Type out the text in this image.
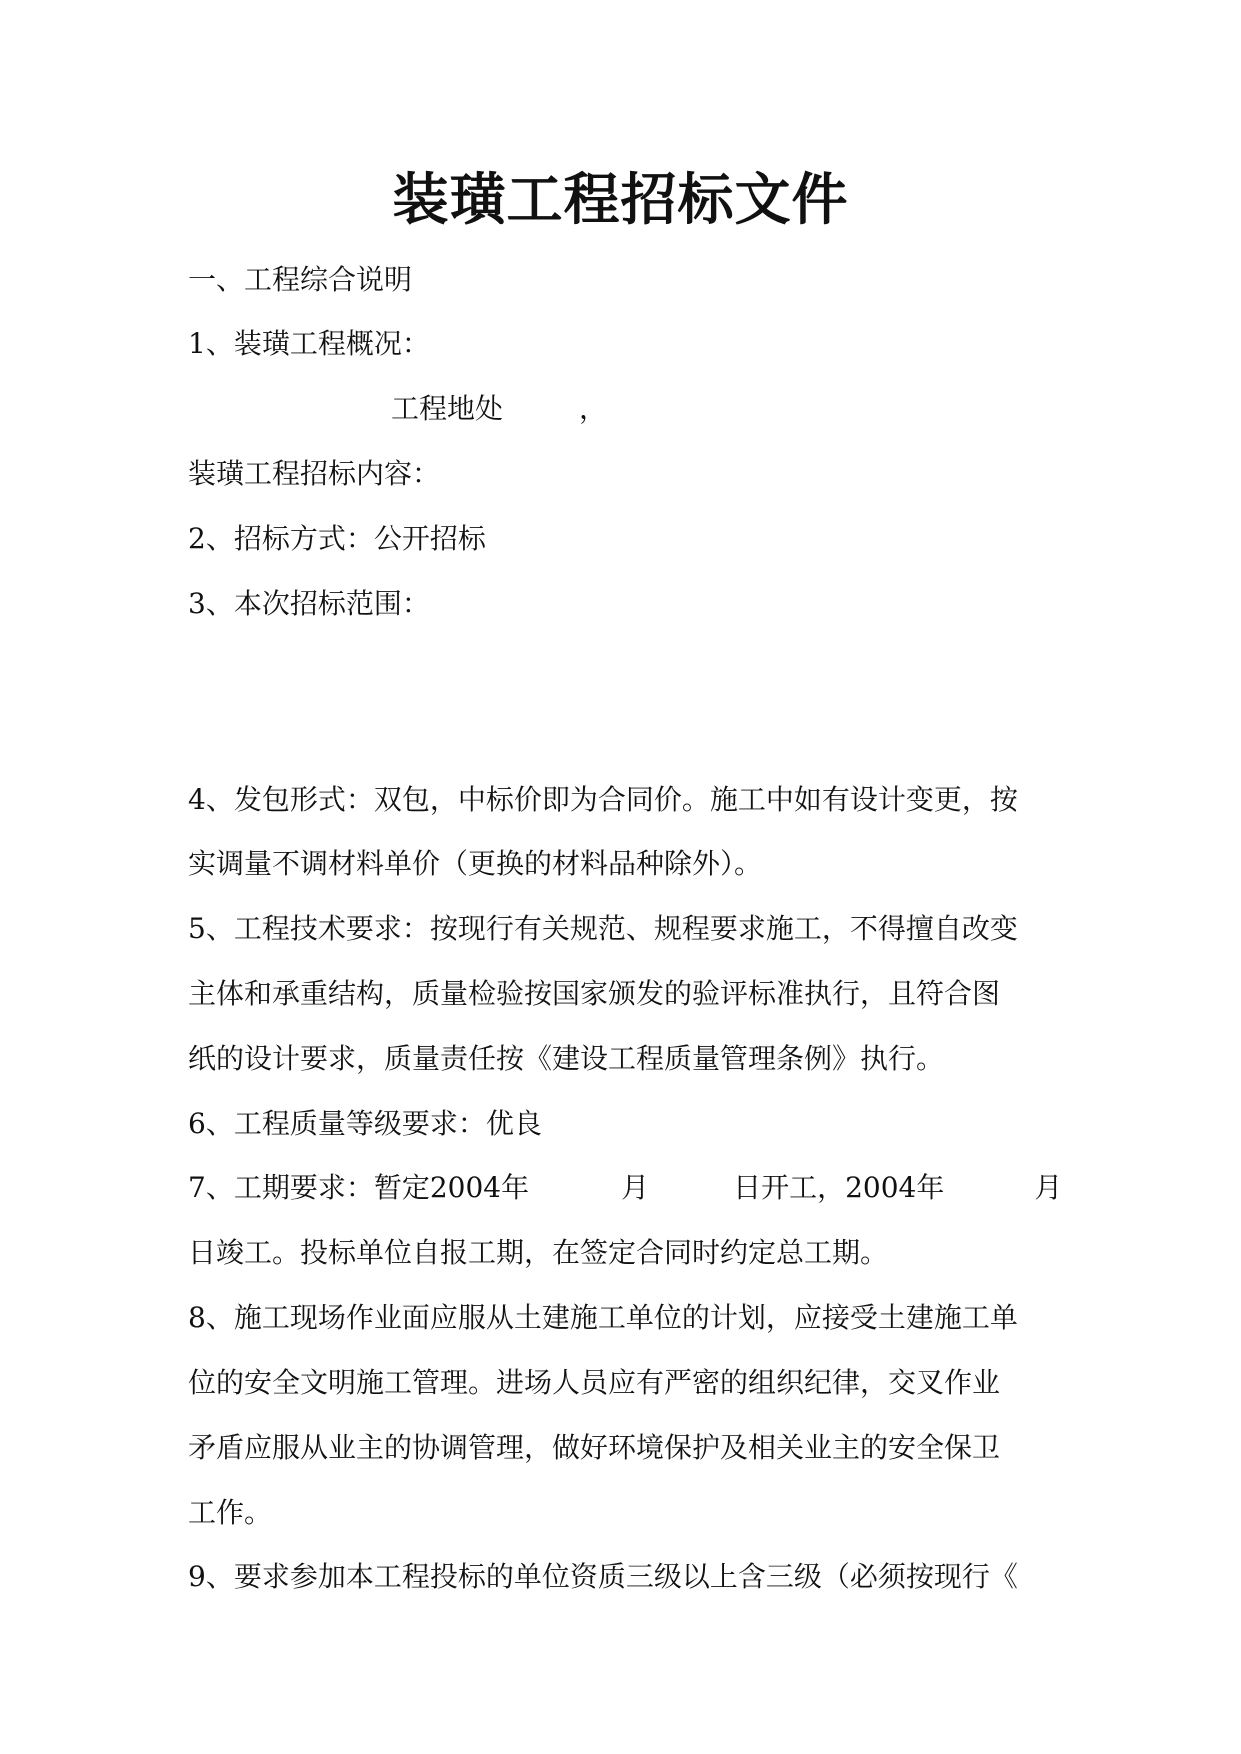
装璜工程招标文件
一、工程综合说明
1、装璜工程概况：
工程地处	，
装璜工程招标内容：
2、招标方式：公开招标
3、本次招标范围：
4、发包形式：双包，中标价即为合同价。施工中如有设计变更，按
实调量不调材料单价（更换的材料品种除外）。
5、工程技术要求：按现行有关规范、规程要求施工，不得擅自改变
主体和承重结构，质量检验按国家颁发的验评标准执行，且符合图
纸的设计要求，质量责任按《建设工程质量管理条例》执行。
6、工程质量等级要求：优良
7、工期要求：暂定2004年	月	日开工，2004年	月
日竣工。投标单位自报工期，在签定合同时约定总工期。
8、施工现场作业面应服从土建施工单位的计划，应接受土建施工单
位的安全文明施工管理。进场人员应有严密的组织纪律，交叉作业
矛盾应服从业主的协调管理，做好环境保护及相关业主的安全保卫
工作。
9、要求参加本工程投标的单位资质三级以上含三级（必须按现行《
